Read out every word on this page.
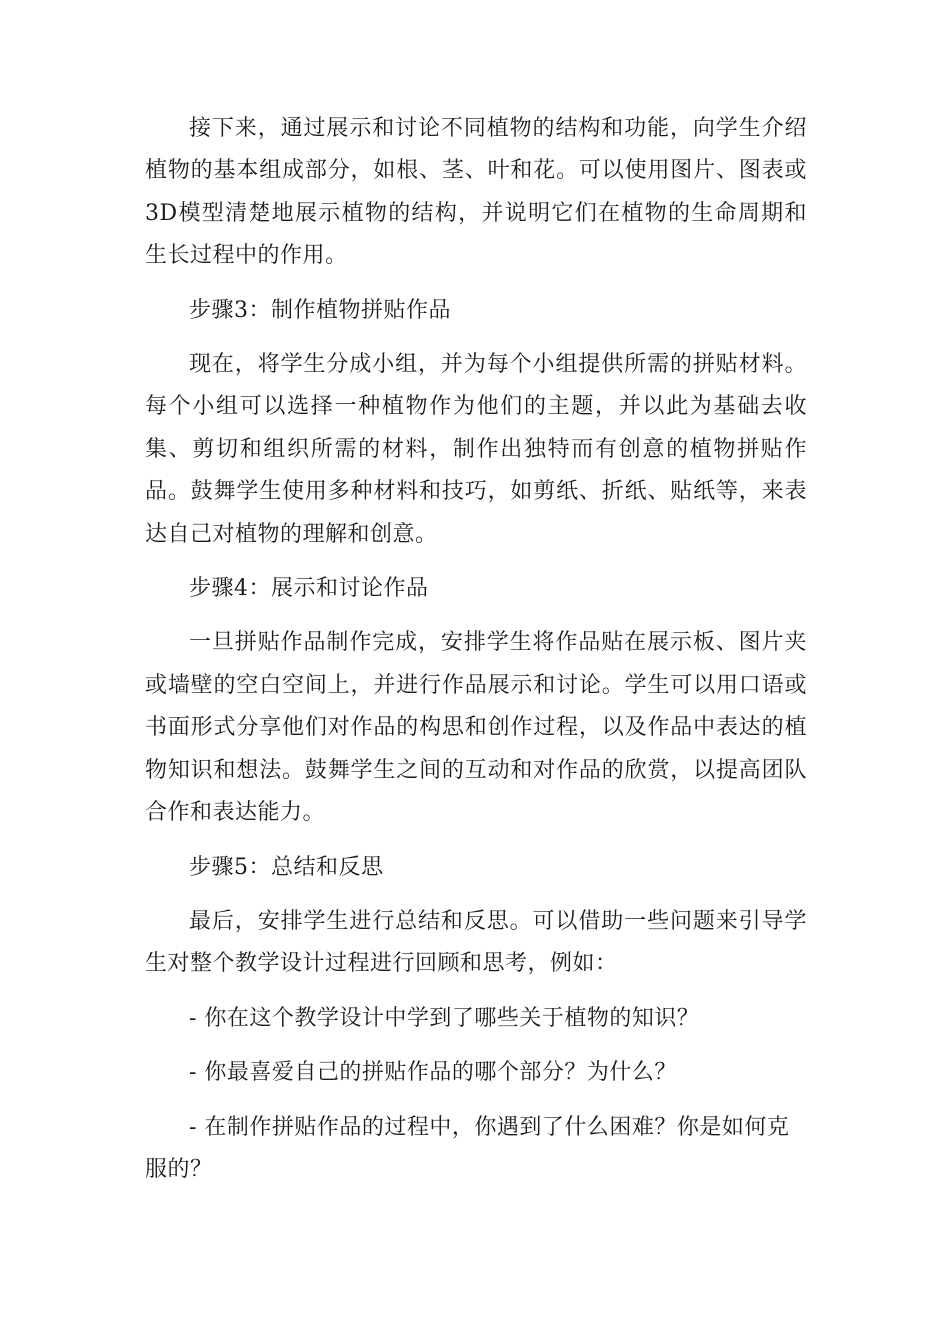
接下来，通过展示和讨论不同植物的结构和功能，向学生介绍植物的基本组成部分，如根、茎、叶和花。可以使用图片、图表或3D模型清楚地展示植物的结构，并说明它们在植物的生命周期和生长过程中的作用。

步骤3：制作植物拼贴作品

现在，将学生分成小组，并为每个小组提供所需的拼贴材料。每个小组可以选择一种植物作为他们的主题，并以此为基础去收集、剪切和组织所需的材料，制作出独特而有创意的植物拼贴作品。鼓舞学生使用多种材料和技巧，如剪纸、折纸、贴纸等，来表达自己对植物的理解和创意。

步骤4：展示和讨论作品

一旦拼贴作品制作完成，安排学生将作品贴在展示板、图片夹或墙壁的空白空间上，并进行作品展示和讨论。学生可以用口语或书面形式分享他们对作品的构思和创作过程，以及作品中表达的植物知识和想法。鼓舞学生之间的互动和对作品的欣赏，以提高团队合作和表达能力。

步骤5：总结和反思

最后，安排学生进行总结和反思。可以借助一些问题来引导学生对整个教学设计过程进行回顾和思考，例如：

- 你在这个教学设计中学到了哪些关于植物的知识？

- 你最喜爱自己的拼贴作品的哪个部分？为什么？

- 在制作拼贴作品的过程中，你遇到了什么困难？你是如何克服的？
